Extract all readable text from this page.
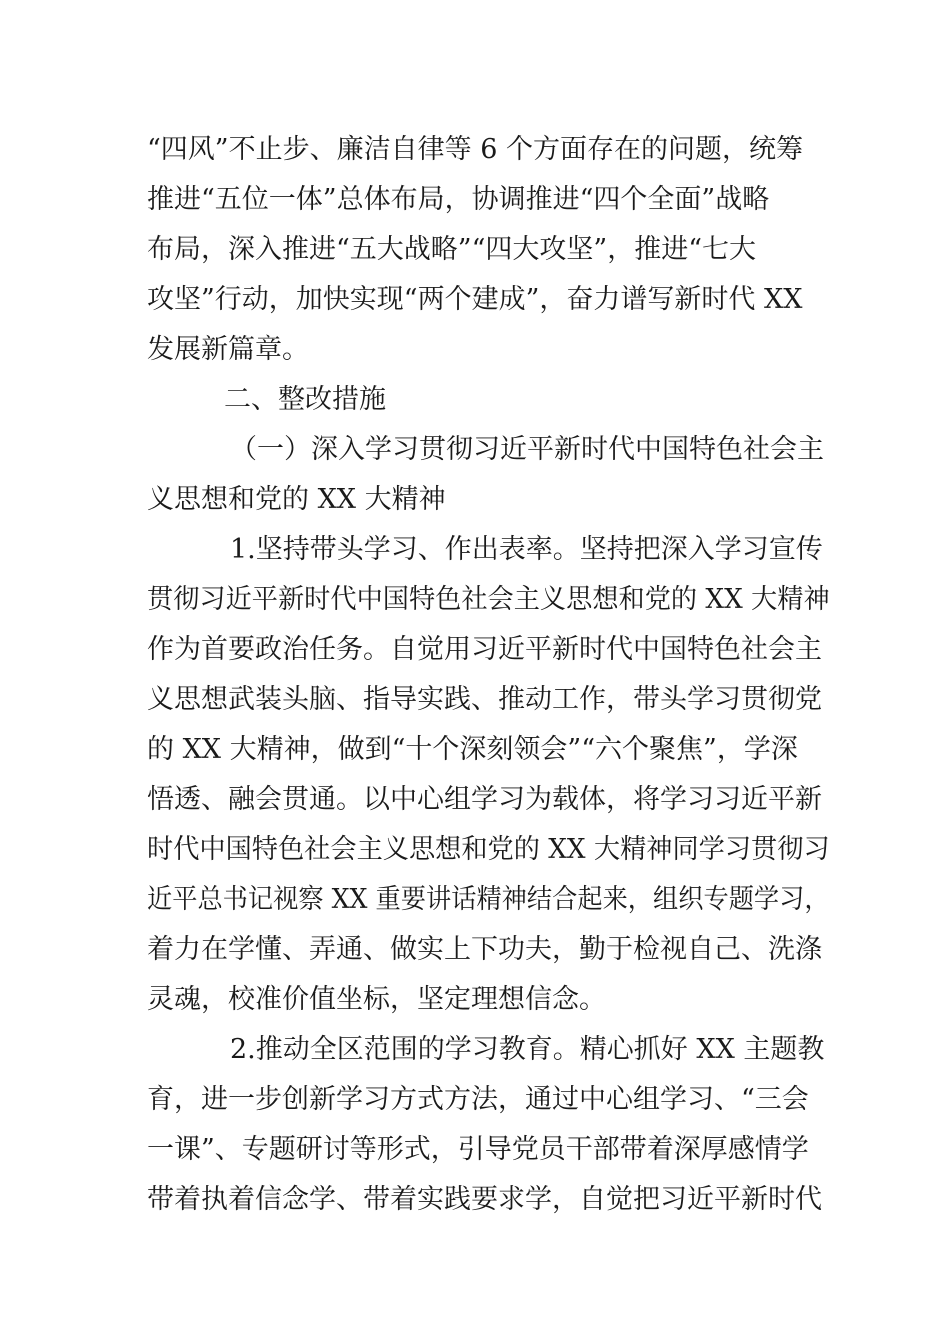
“四风”不止步、廉洁自律等 6 个方面存在的问题，统筹
推进“五位一体”总体布局，协调推进“四个全面”战略
布局，深入推进“五大战略”“四大攻坚”，推进“七大
攻坚”行动，加快实现“两个建成”，奋力谱写新时代 XX
发展新篇章。
二、整改措施
（一）深入学习贯彻习近平新时代中国特色社会主
义思想和党的 XX 大精神
1.坚持带头学习、作出表率。坚持把深入学习宣传
贯彻习近平新时代中国特色社会主义思想和党的 XX 大精神
作为首要政治任务。自觉用习近平新时代中国特色社会主
义思想武装头脑、指导实践、推动工作，带头学习贯彻党
的 XX 大精神，做到“十个深刻领会”“六个聚焦”，学深
悟透、融会贯通。以中心组学习为载体，将学习习近平新
时代中国特色社会主义思想和党的 XX 大精神同学习贯彻习
近平总书记视察 XX 重要讲话精神结合起来，组织专题学习，
着力在学懂、弄通、做实上下功夫，勤于检视自己、洗涤
灵魂，校准价值坐标，坚定理想信念。
2.推动全区范围的学习教育。精心抓好 XX 主题教
育，进一步创新学习方式方法，通过中心组学习、“三会
一课”、专题研讨等形式，引导党员干部带着深厚感情学
带着执着信念学、带着实践要求学，自觉把习近平新时代
